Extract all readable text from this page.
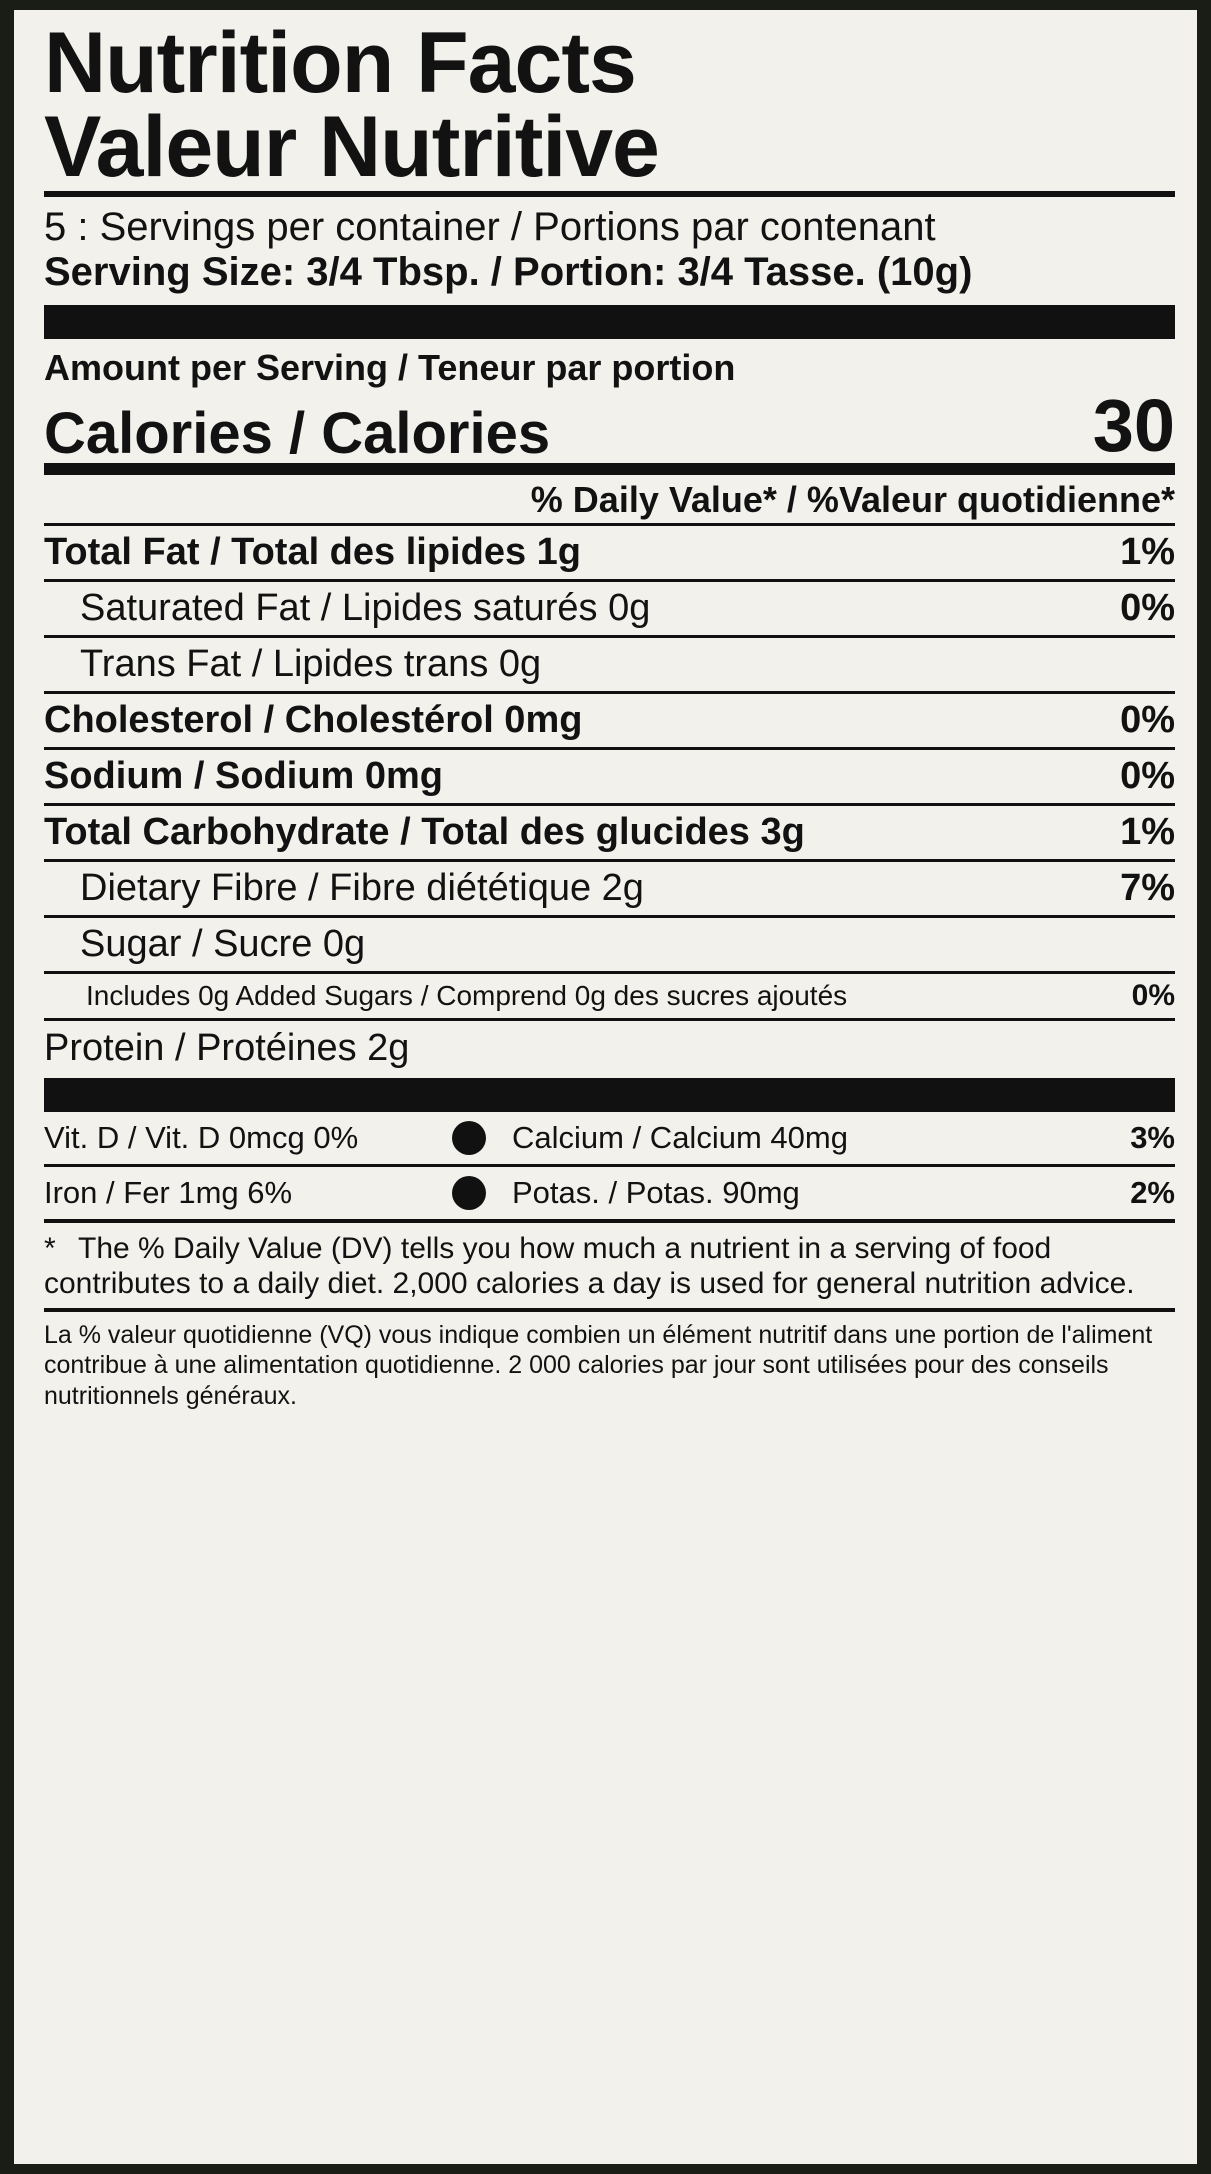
Nutrition Facts
Valeur Nutritive
5 : Servings per container / Portions par contenant
Serving Size: 3/4 Tbsp. / Portion: 3/4 Tasse. (10g)
Amount per Serving / Teneur par portion
Calories / Calories	30
% Daily Value* / %Valeur quotidienne*
Total Fat / Total des lipides 1g	1%
Saturated Fat / Lipides saturés 0g	0%
Trans Fat / Lipides trans 0g
Cholesterol / Cholestérol 0mg	0%
Sodium / Sodium 0mg	0%
Total Carbohydrate / Total des glucides 3g	1%
Dietary Fibre / Fibre diététique 2g	7%
Sugar / Sucre 0g
Includes 0g Added Sugars / Comprend 0g des sucres ajoutés	0%
Protein / Protéines 2g
Vit. D / Vit. D 0mcg 0%	Calcium / Calcium 40mg	3%
Iron / Fer 1mg 6%	Potas. / Potas. 90mg	2%
* The % Daily Value (DV) tells you how much a nutrient in a serving of food contributes to a daily diet. 2,000 calories a day is used for general nutrition advice.
La % valeur quotidienne (VQ) vous indique combien un élément nutritif dans une portion de l'aliment contribue à une alimentation quotidienne. 2 000 calories par jour sont utilisées pour des conseils nutritionnels généraux.
